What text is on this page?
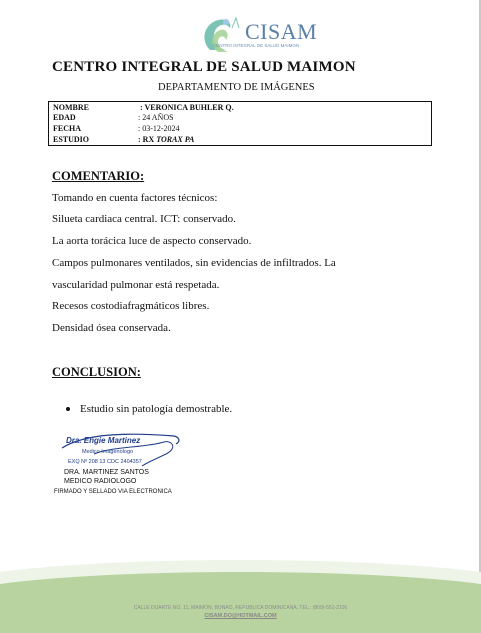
CISAM
CENTRO INTEGRAL DE SALUD MAIMON
CENTRO INTEGRAL DE SALUD MAIMON
DEPARTAMENTO DE IMÁGENES
NOMBRE	: VERONICA BUHLER Q.
EDAD	: 24 AÑOS
FECHA	: 03-12-2024
ESTUDIO	: RX TORAX PA
COMENTARIO:
Tomando en cuenta factores técnicos:
Silueta cardiaca central. ICT: conservado.
La aorta torácica luce de aspecto conservado.
Campos pulmonares ventilados, sin evidencias de infiltrados. La
vascularidad pulmonar está respetada.
Recesos costodiafragmáticos libres.
Densidad ósea conservada.
CONCLUSION:
Estudio sin patología demostrable.
Dra. Engie Martinez
Medico Imagenologo
EXQ Nº 208 13 CDC 2404357
DRA. MARTINEZ SANTOS
MEDICO RADIOLOGO
FIRMADO Y SELLADO VIA ELECTRONICA
CALLE DUARTE NO. 11, MAIMÓN, BONAO, REPUBLICA DOMINICANA, TEL.: (809)-551-2106
CISAM.DO@HOTMAIL.COM
